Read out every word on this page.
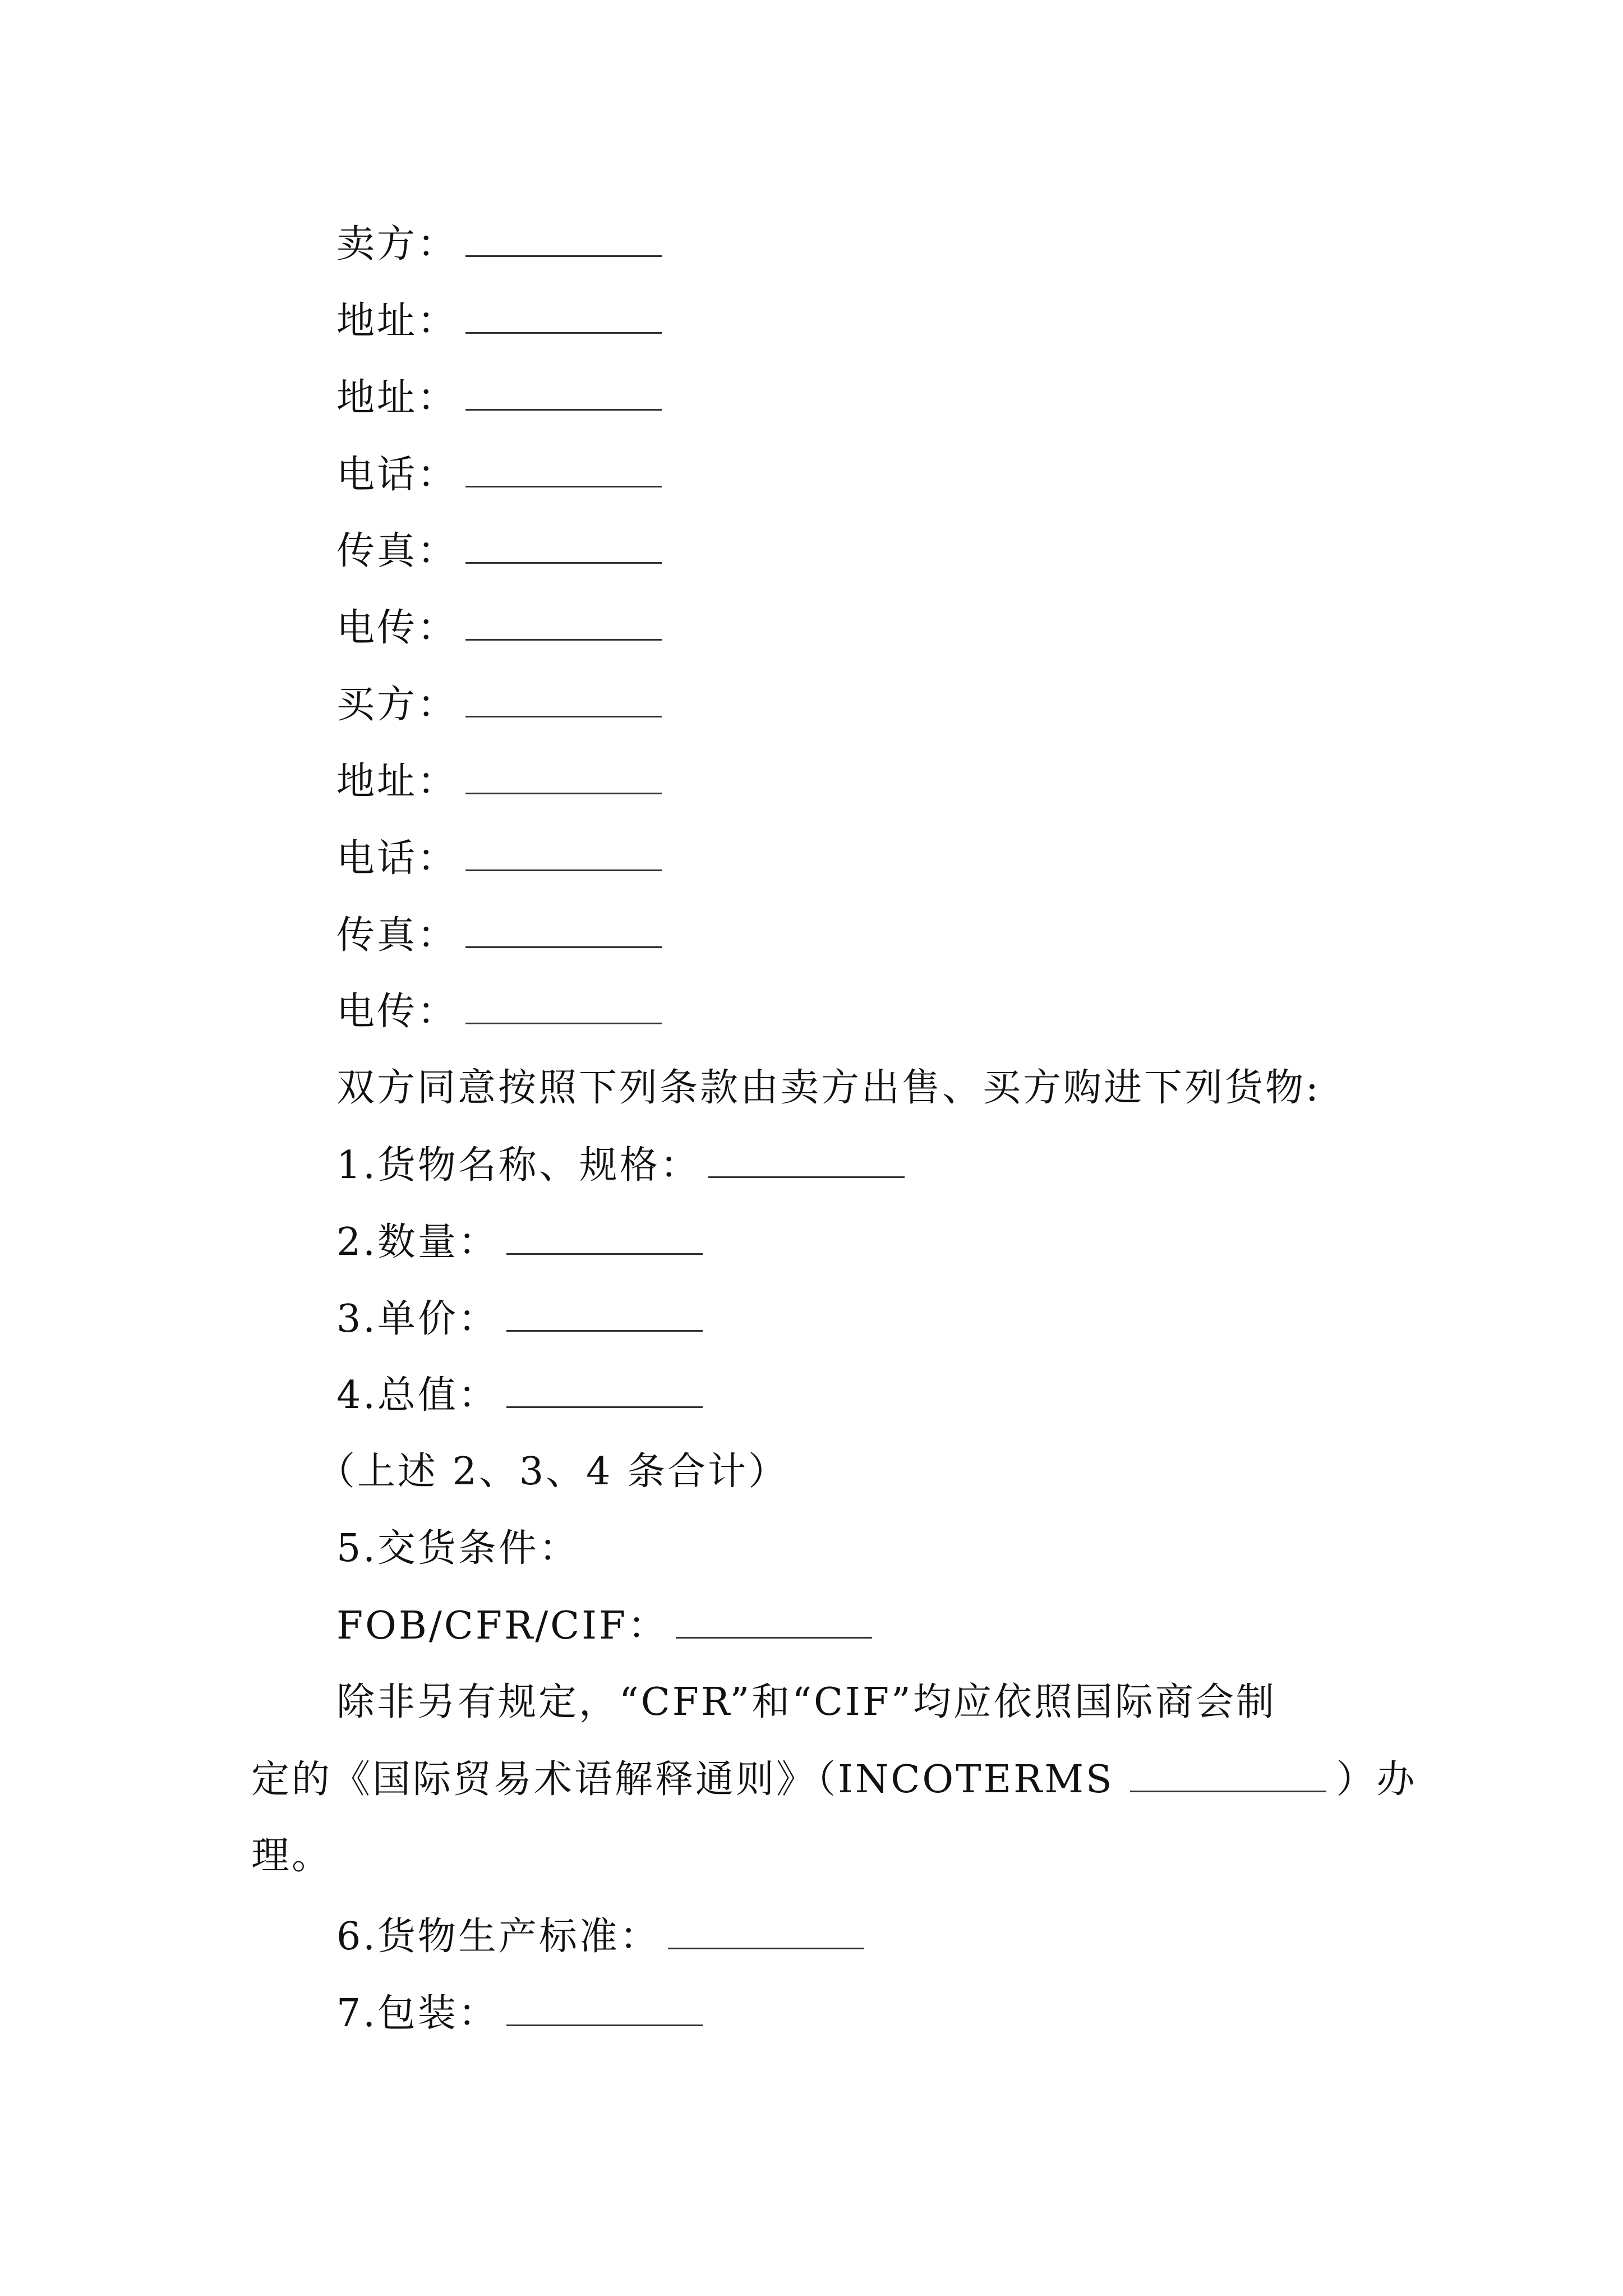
卖方：
地址：
地址：
电话：
传真：
电传：
买方：
地址：
电话：
传真：
电传：
双方同意按照下列条款由卖方出售、买方购进下列货物:
1.货物名称、规格：
2.数量：
3.单价：
4.总值：
（上述 2、3、4 条合计）
5.交货条件：
FOB/CFR/CIF：
除非另有规定，“CFR”和“CIF”均应依照国际商会制
定的《国际贸易术语解释通则》（INCOTERMS	）办
理。
6.货物生产标准：
7.包装：
